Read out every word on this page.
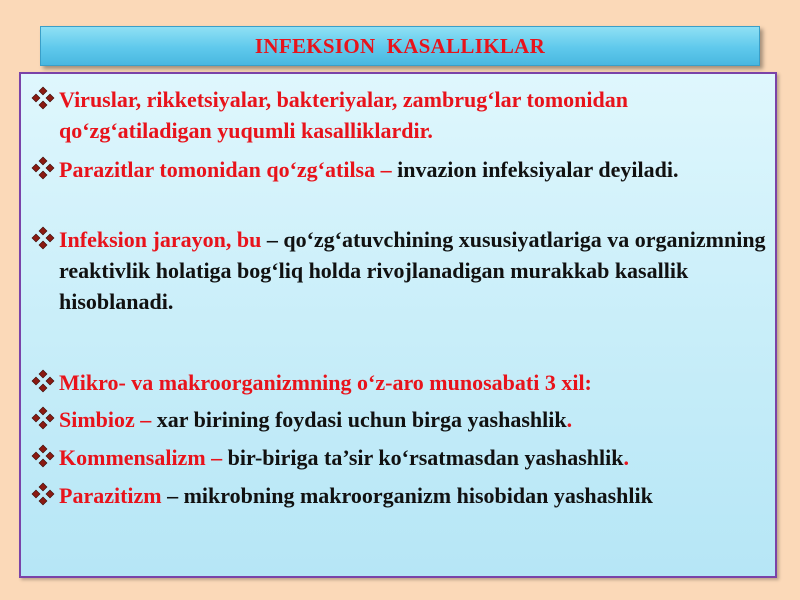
INFEKSION  KASALLIKLAR
Viruslar, rikketsiyalar, bakteriyalar, zambrug‘lar tomonidan qo‘zg‘atiladigan yuqumli kasalliklardir.
Parazitlar tomonidan qo‘zg‘atilsa – invazion infeksiyalar deyiladi.
Infeksion jarayon, bu – qo‘zg‘atuvchining xususiyatlariga va organizmning reaktivlik holatiga bog‘liq holda rivojlanadigan murakkab kasallik hisoblanadi.
Mikro- va makroorganizmning o‘z-aro munosabati 3 xil:
Simbioz – xar birining foydasi uchun birga yashashlik.
Kommensalizm – bir-biriga ta’sir ko‘rsatmasdan yashashlik.
Parazitizm – mikrobning makroorganizm hisobidan yashashlik
